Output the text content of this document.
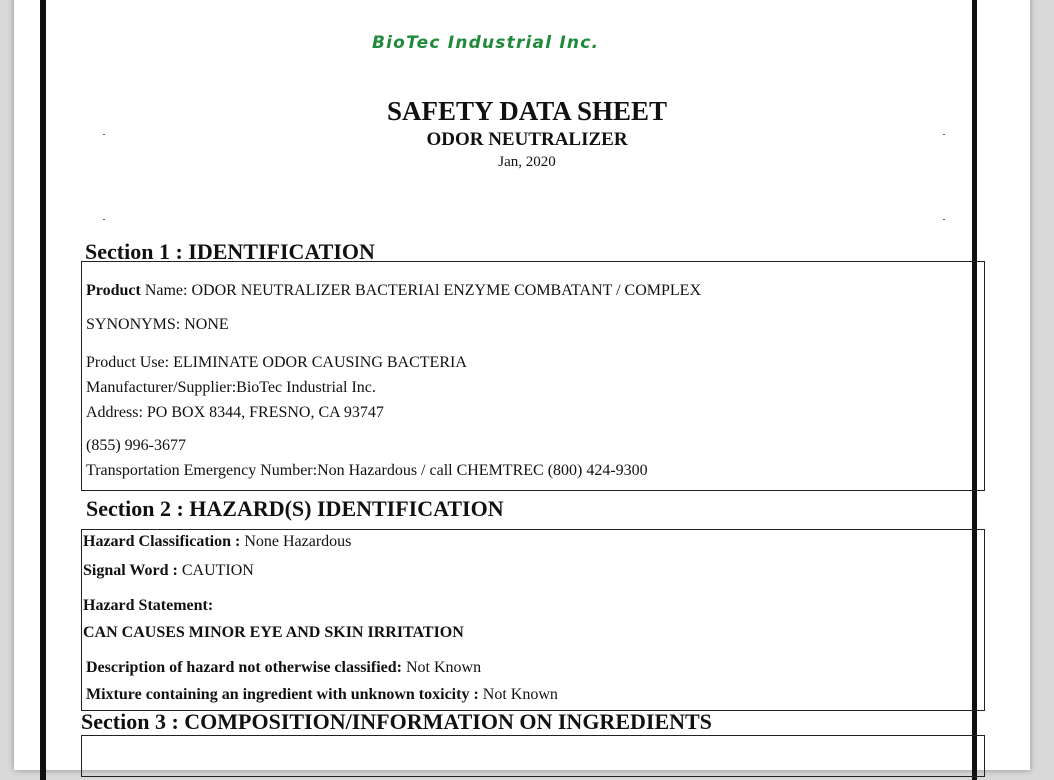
BioTec Industrial Inc.
SAFETY DATA SHEET
ODOR NEUTRALIZER
Jan, 2020
Section 1 : IDENTIFICATION
Product Name: ODOR NEUTRALIZER BACTERIAl ENZYME COMBATANT / COMPLEX
SYNONYMS: NONE
Product Use: ELIMINATE ODOR CAUSING BACTERIA
Manufacturer/Supplier:BioTec Industrial Inc.
Address: PO BOX 8344, FRESNO, CA 93747
(855) 996-3677
Transportation Emergency Number:Non Hazardous / call CHEMTREC (800) 424-9300
Section 2 : HAZARD(S) IDENTIFICATION
Hazard Classification : None Hazardous
Signal Word : CAUTION
Hazard Statement:
CAN CAUSES MINOR EYE AND SKIN IRRITATION
Description of hazard not otherwise classified: Not Known
Mixture containing an ingredient with unknown toxicity : Not Known
Section 3 : COMPOSITION/INFORMATION ON INGREDIENTS
